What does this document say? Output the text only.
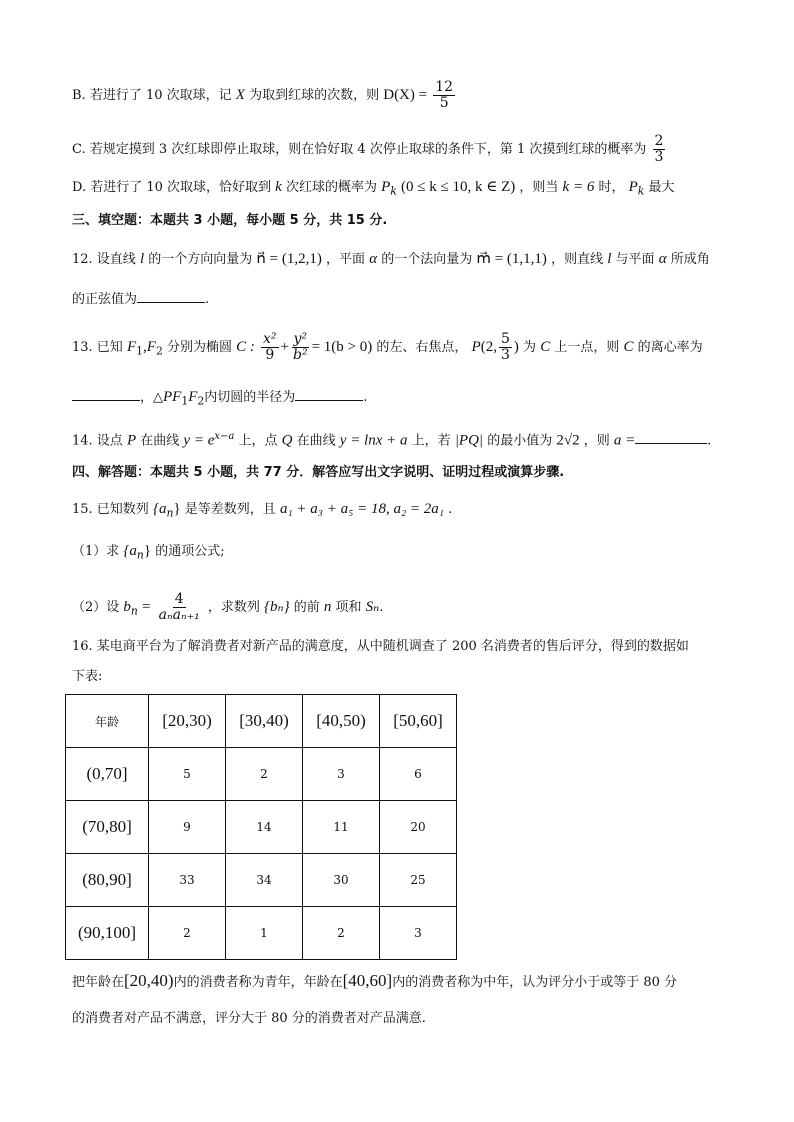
B. 若进行了 10 次取球，记 X 为取到红球的次数，则 $D(X) = \frac{12}{5}$
C. 若规定摸到 3 次红球即停止取球，则在恰好取 4 次停止取球的条件下，第 1 次摸到红球的概率为 $\frac{2}{3}$
D. 若进行了 10 次取球，恰好取到 k 次红球的概率为 $P_k$ (0 ≤ k ≤ 10, k ∈ Z) ，则当 k = 6 时， $P_k$ 最大
三、填空题：本题共 3 小题，每小题 5 分，共 15 分.
12. 设直线 l 的一个方向向量为 n⃗ = (1,2,1) ，平面 α 的一个法向量为 m⃗ = (1,1,1) ，则直线 l 与平面 α 所成角
的正弦值为	.
13. 已知 $F_1,F_2$ 分别为椭圆 C : $\frac{\text{x²}}{9} + \frac{\text{y²}}{\text{b²}} = 1(b > 0)$ 的左、右焦点， P(2, $\frac{5}{3}$ ) 为 C 上一点，则 C 的离心率为
，$\triangle PF_1F_2$内切圆的半径为	.
14. 设点 P 在曲线 $y = e^{x-a}$ 上，点 Q 在曲线 y = lnx + a 上，若 |PQ| 的最小值为 2√2 ，则 a =	.
四、解答题：本题共 5 小题，共 77 分．解答应写出文字说明、证明过程或演算步骤.
15. 已知数列 $\{a_n\}$ 是等差数列，且 a₁ + a₃ + a₅ = 18, a₂ = 2a₁ .
（1）求 $\{a_n\}$ 的通项公式;
（2）设 $b_n = \frac{4}{\text{aₙaₙ₊₁}}$ ，求数列 {bₙ} 的前 n 项和 Sₙ.
16. 某电商平台为了解消费者对新产品的满意度，从中随机调查了 200 名消费者的售后评分，得到的数据如
下表:
年龄	[20,30)	[30,40)	[40,50)	[50,60]
(0,70]	5	2	3	6
(70,80]	9	14	11	20
(80,90]	33	34	30	25
(90,100]	2	1	2	3
把年龄在[20,40)内的消费者称为青年，年龄在[40,60]内的消费者称为中年，认为评分小于或等于 80 分
的消费者对产品不满意，评分大于 80 分的消费者对产品满意.
